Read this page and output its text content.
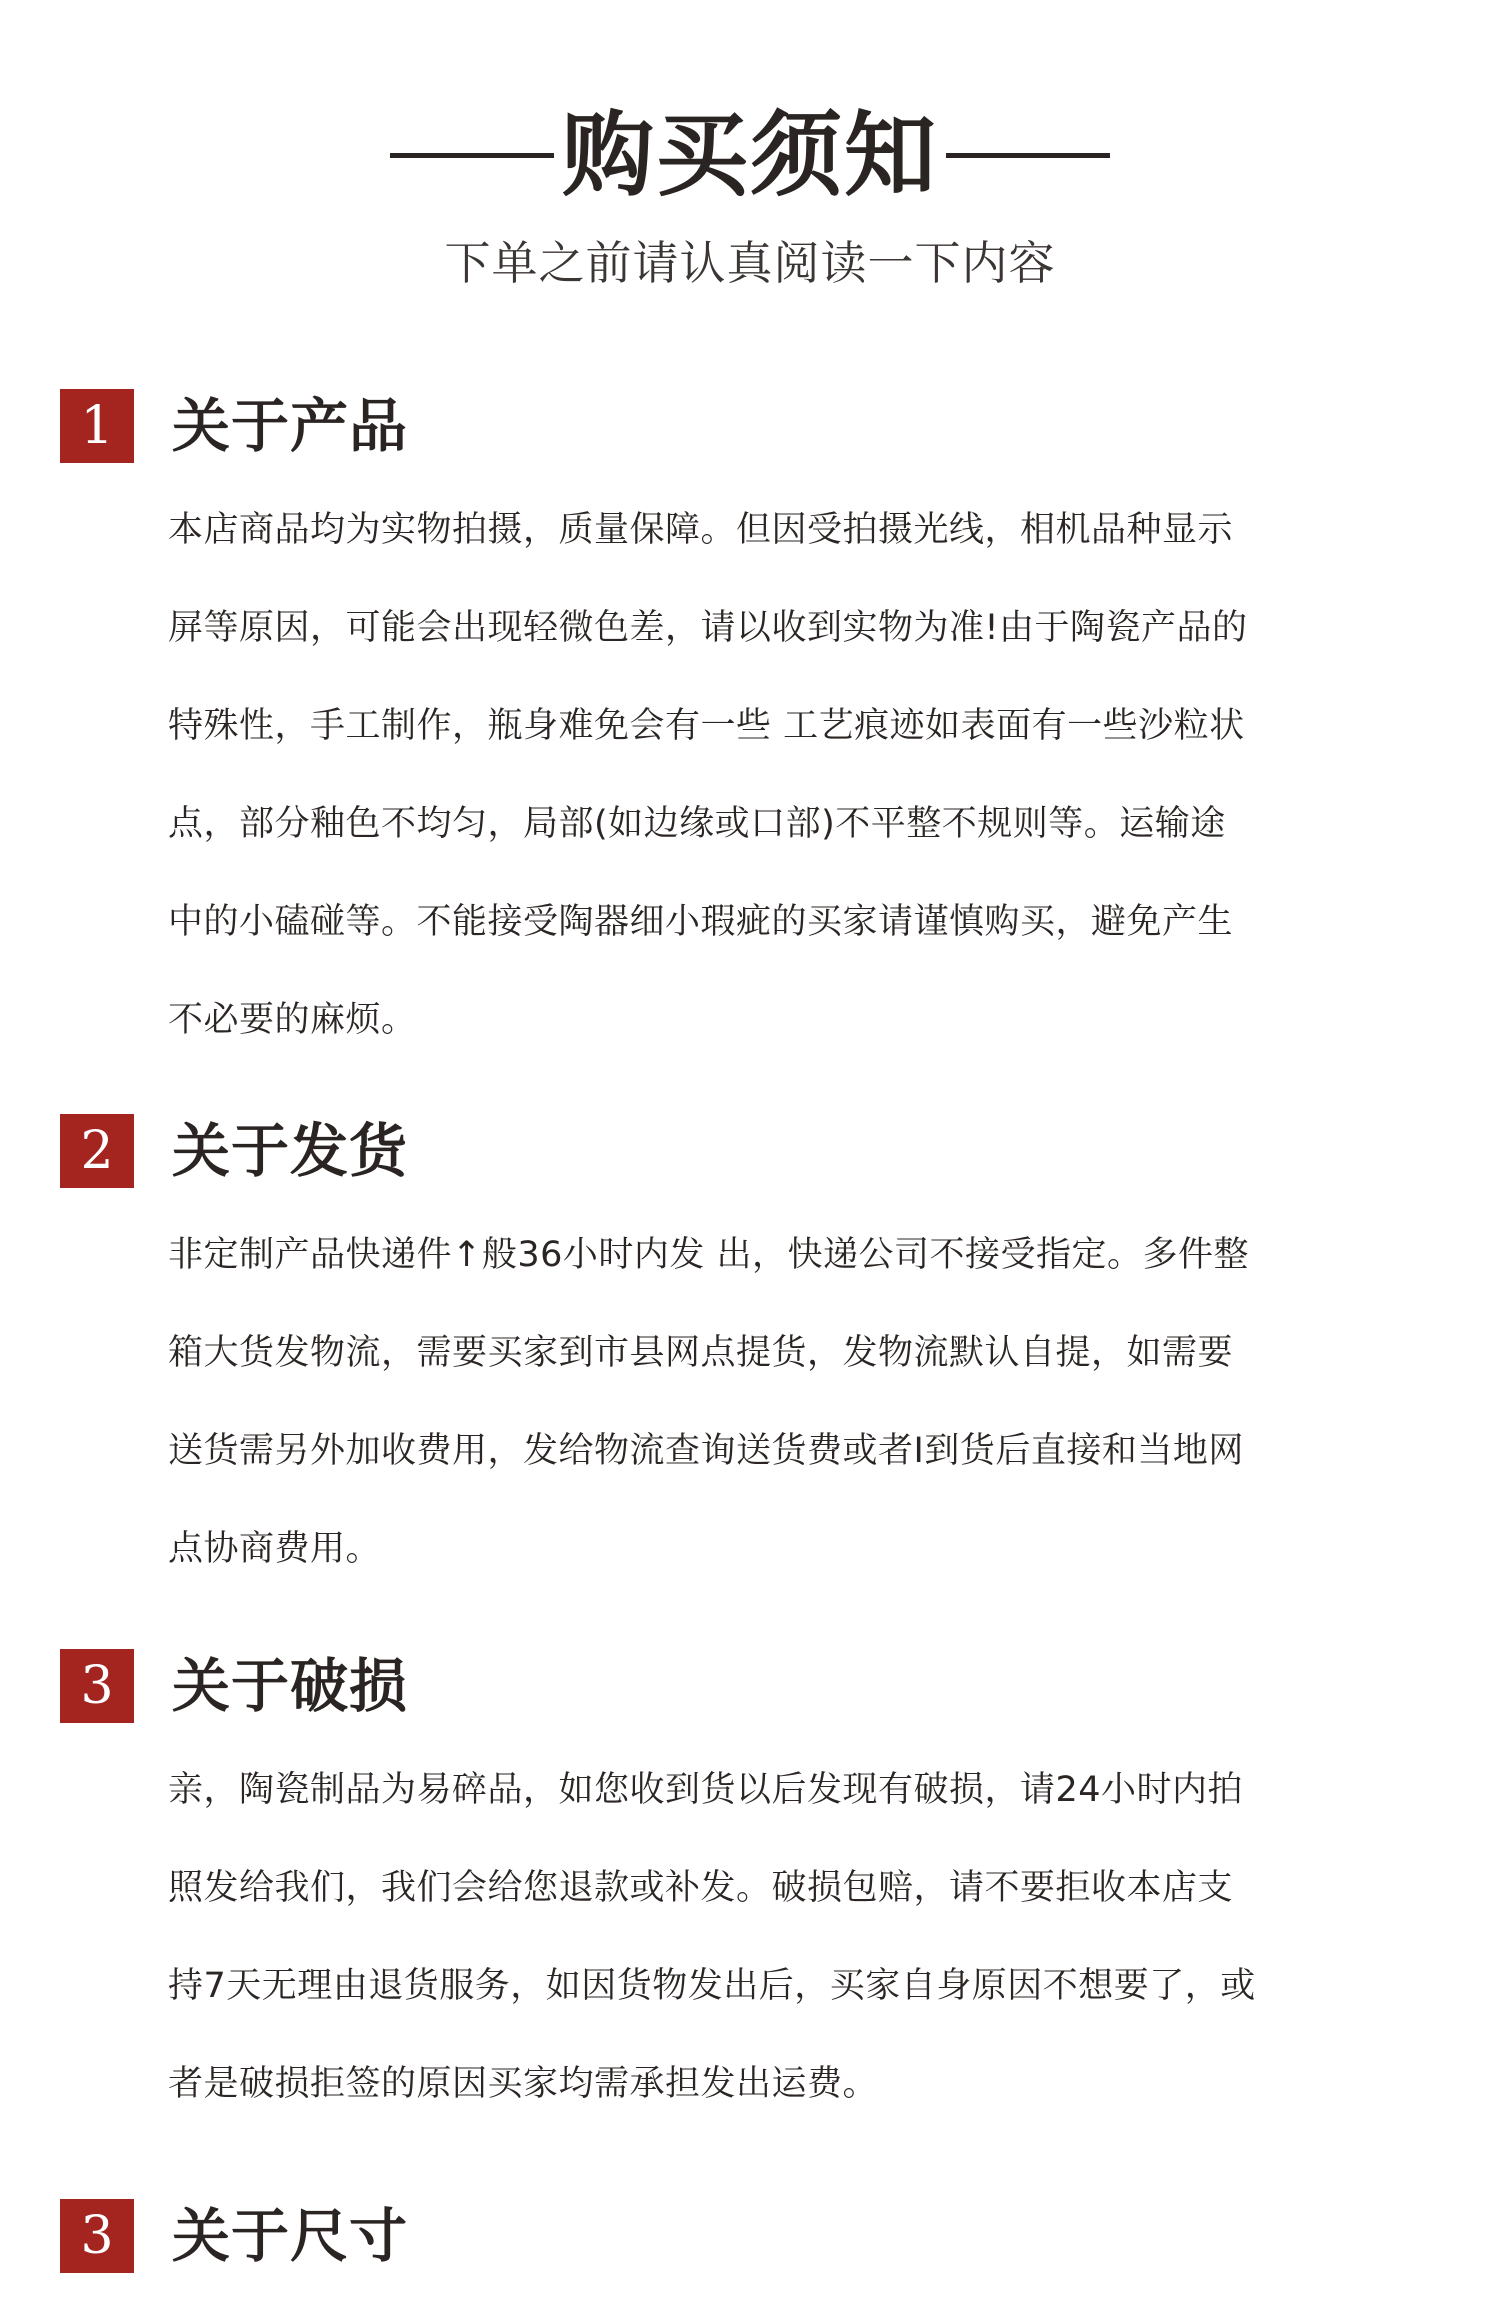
购买须知
下单之前请认真阅读一下内容
1	关于产品
本店商品均为实物拍摄，质量保障。但因受拍摄光线，相机品种显示
屏等原因，可能会出现轻微色差，请以收到实物为准!由于陶瓷产品的
特殊性，手工制作，瓶身难免会有一些 工艺痕迹如表面有一些沙粒状
点，部分釉色不均匀，局部(如边缘或口部)不平整不规则等。运输途
中的小磕碰等。不能接受陶器细小瑕疵的买家请谨慎购买，避免产生
不必要的麻烦。
2	关于发货
非定制产品快递件↑般36小时内发 出，快递公司不接受指定。多件整
箱大货发物流，需要买家到市县网点提货，发物流默认自提，如需要
送货需另外加收费用，发给物流查询送货费或者I到货后直接和当地网
点协商费用。
3	关于破损
亲，陶瓷制品为易碎品，如您收到货以后发现有破损，请24小时内拍
照发给我们，我们会给您退款或补发。破损包赔，请不要拒收本店支
持7天无理由退货服务，如因货物发出后，买家自身原因不想要了，或
者是破损拒签的原因买家均需承担发出运费。
3	关于尺寸
